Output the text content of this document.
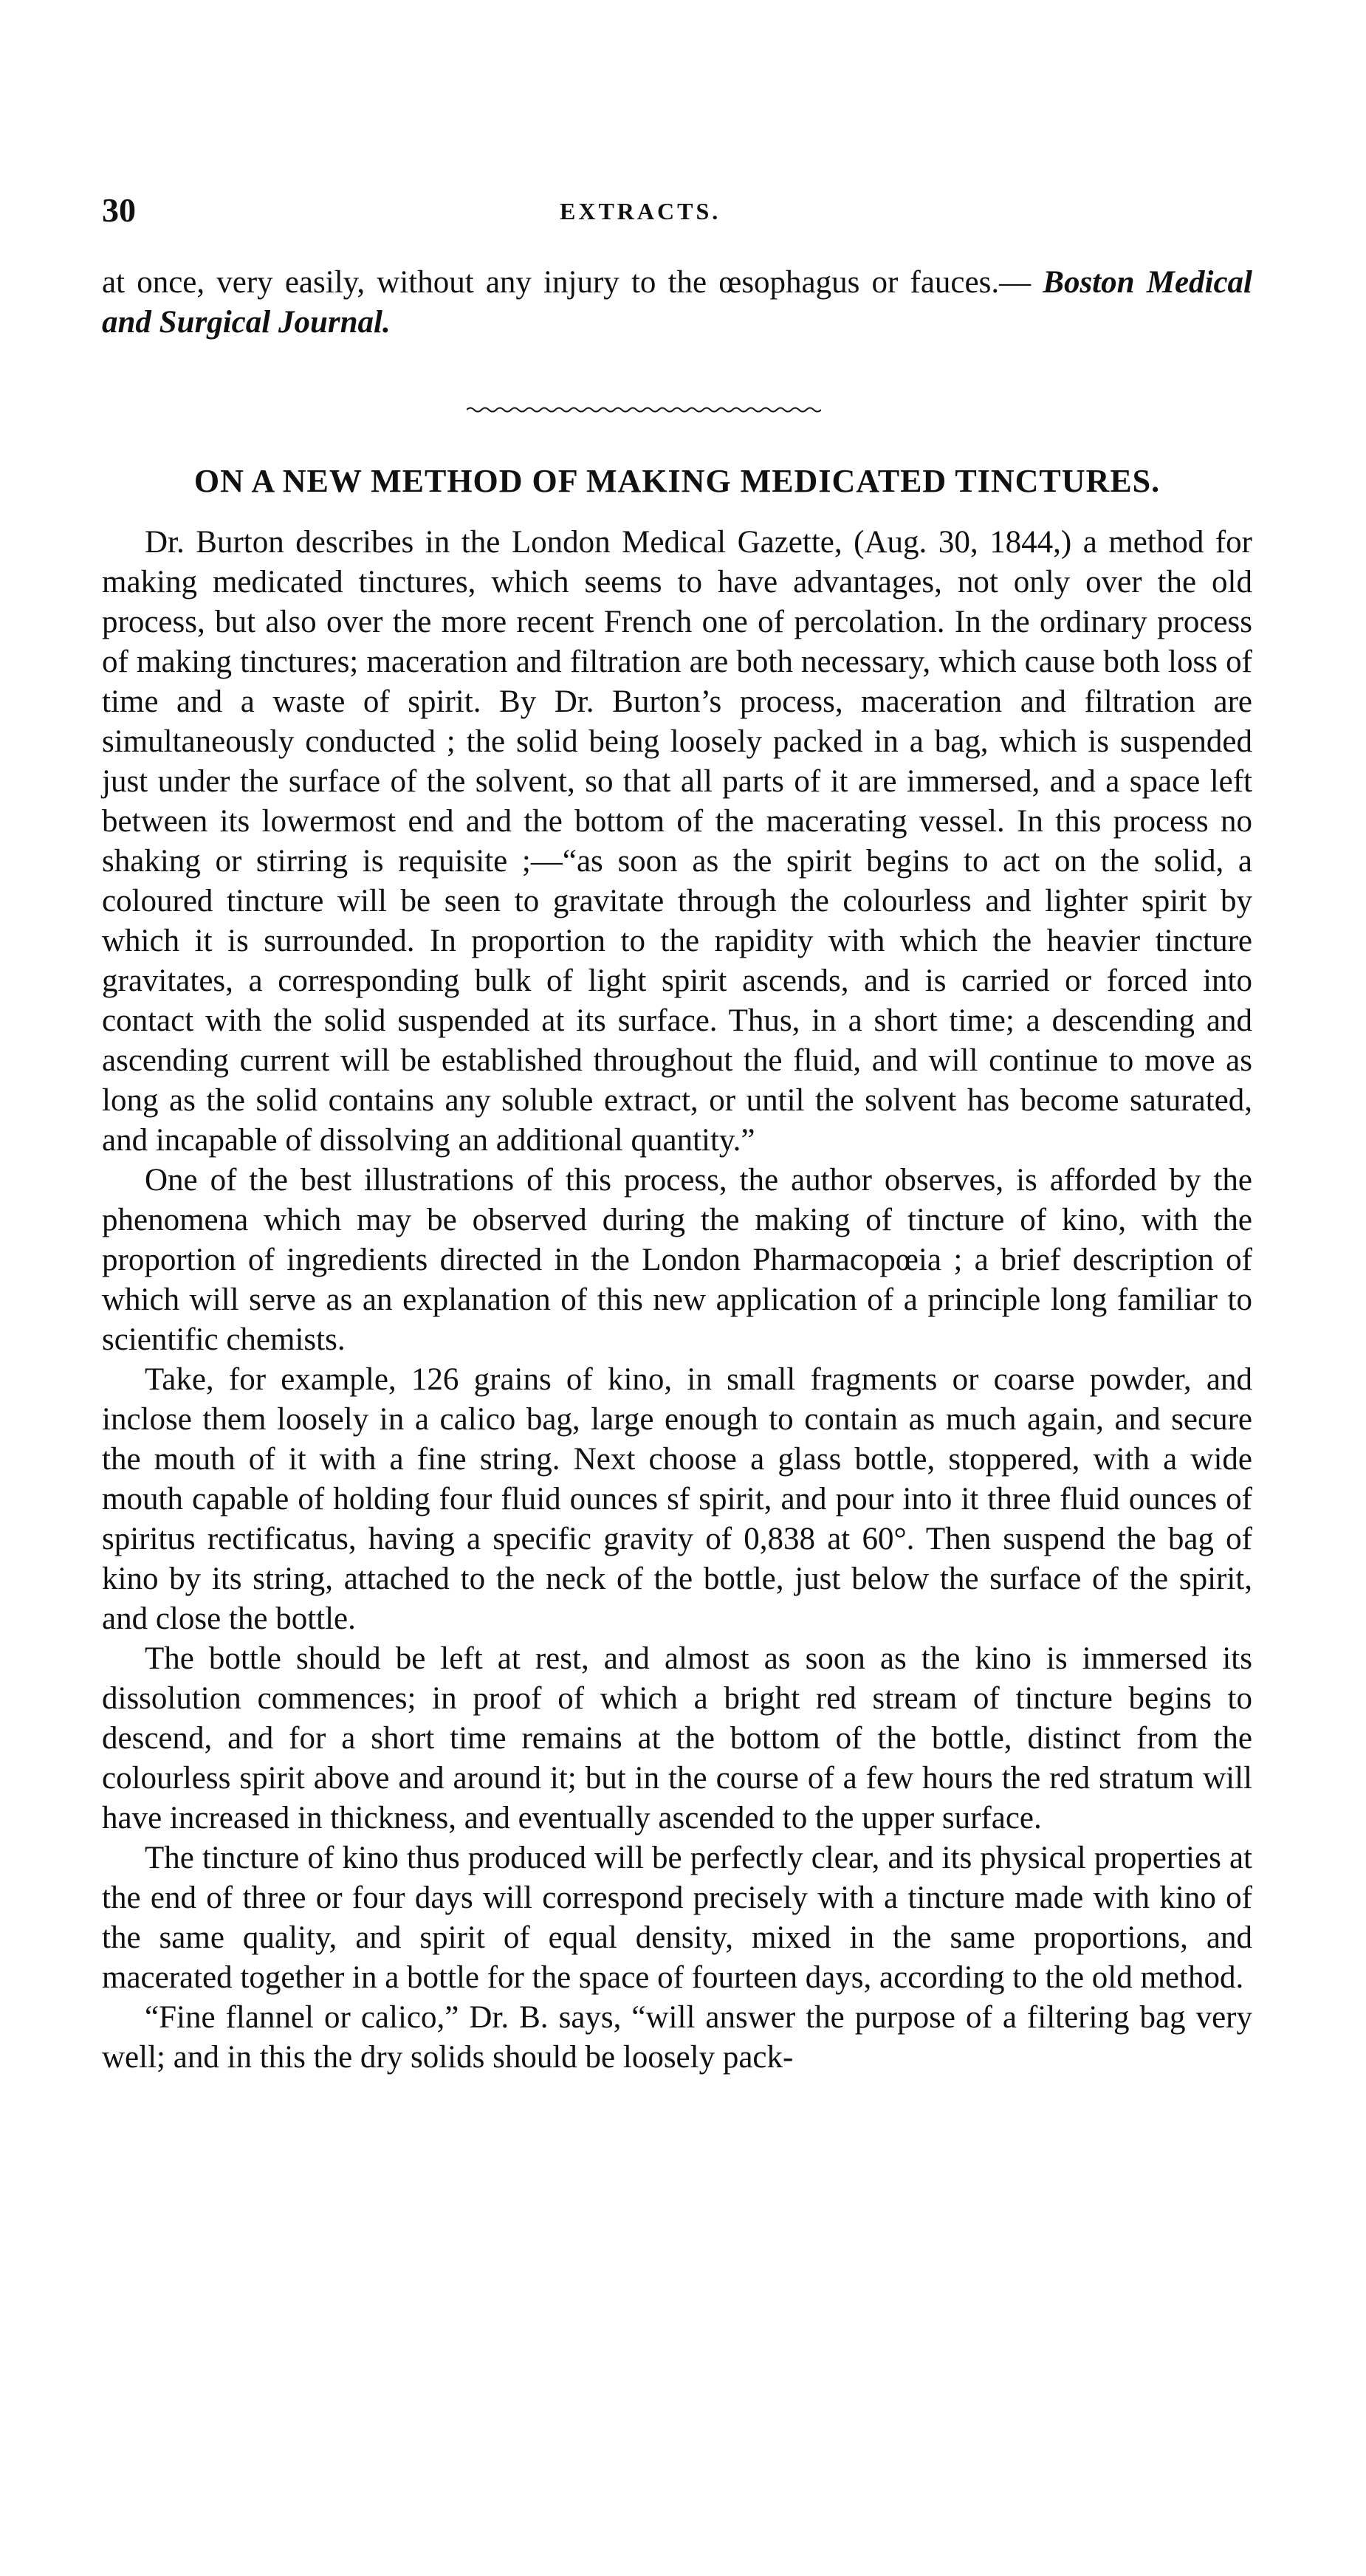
30	EXTRACTS.

at once, very easily, without any injury to the œsophagus or fauces.— Boston Medical and Surgical Journal.

ON A NEW METHOD OF MAKING MEDICATED TINCTURES.

Dr. Burton describes in the London Medical Gazette, (Aug. 30, 1844,) a method for making medicated tinctures, which seems to have advantages, not only over the old process, but also over the more recent French one of percolation. In the ordinary process of making tinctures; maceration and filtration are both necessary, which cause both loss of time and a waste of spirit. By Dr. Burton’s process, maceration and filtration are simultaneously conducted ; the solid being loosely packed in a bag, which is suspended just under the surface of the solvent, so that all parts of it are immersed, and a space left between its lowermost end and the bottom of the macerating vessel. In this process no shaking or stirring is requisite ;—“as soon as the spirit begins to act on the solid, a coloured tincture will be seen to gravitate through the colourless and lighter spirit by which it is surrounded. In proportion to the rapidity with which the heavier tincture gravitates, a corresponding bulk of light spirit ascends, and is carried or forced into contact with the solid suspended at its surface. Thus, in a short time; a descending and ascending current will be established throughout the fluid, and will continue to move as long as the solid contains any soluble extract, or until the solvent has become saturated, and incapable of dissolving an additional quantity.”

One of the best illustrations of this process, the author observes, is afforded by the phenomena which may be observed during the making of tincture of kino, with the proportion of ingredients directed in the London Pharmacopœia ; a brief description of which will serve as an explanation of this new application of a principle long familiar to scientific chemists.

Take, for example, 126 grains of kino, in small fragments or coarse powder, and inclose them loosely in a calico bag, large enough to contain as much again, and secure the mouth of it with a fine string. Next choose a glass bottle, stoppered, with a wide mouth capable of holding four fluid ounces sf spirit, and pour into it three fluid ounces of spiritus rectificatus, having a specific gravity of 0,838 at 60°. Then suspend the bag of kino by its string, attached to the neck of the bottle, just below the surface of the spirit, and close the bottle.

The bottle should be left at rest, and almost as soon as the kino is immersed its dissolution commences; in proof of which a bright red stream of tincture begins to descend, and for a short time remains at the bottom of the bottle, distinct from the colourless spirit above and around it; but in the course of a few hours the red stratum will have increased in thickness, and eventually ascended to the upper surface.

The tincture of kino thus produced will be perfectly clear, and its physical properties at the end of three or four days will correspond precisely with a tincture made with kino of the same quality, and spirit of equal density, mixed in the same proportions, and macerated together in a bottle for the space of fourteen days, according to the old method.

“Fine flannel or calico,” Dr. B. says, “will answer the purpose of a filtering bag very well; and in this the dry solids should be loosely pack-
